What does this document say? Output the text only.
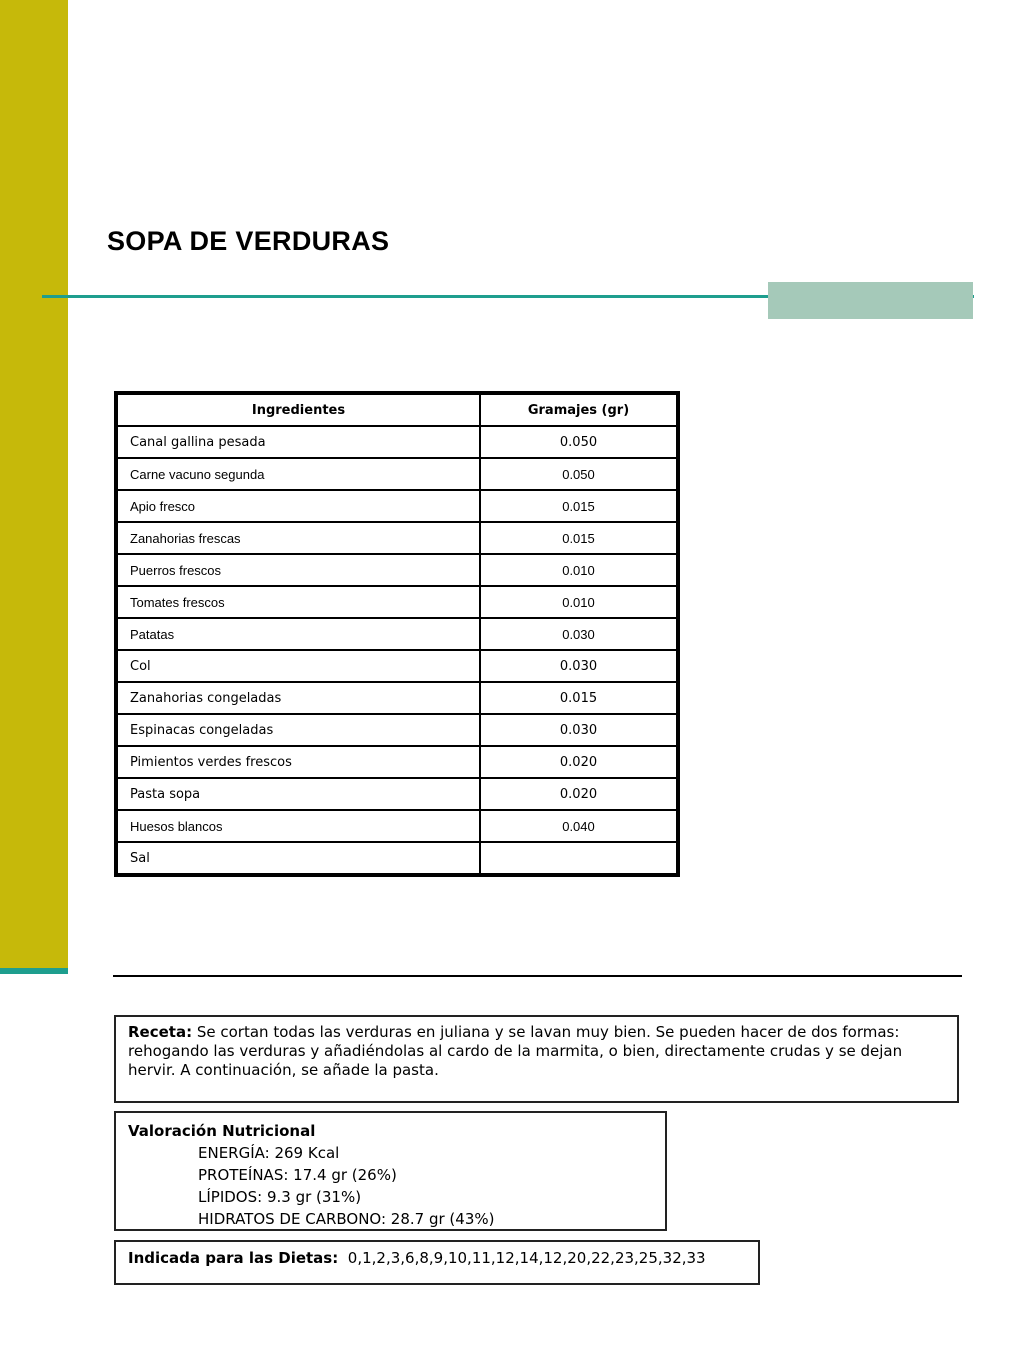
SOPA DE VERDURAS
Ingredientes	Gramajes (gr)
Canal gallina pesada	0.050
Carne vacuno segunda	0.050
Apio fresco	0.015
Zanahorias frescas	0.015
Puerros frescos	0.010
Tomates frescos	0.010
Patatas	0.030
Col	0.030
Zanahorias congeladas	0.015
Espinacas congeladas	0.030
Pimientos verdes frescos	0.020
Pasta sopa	0.020
Huesos blancos	0.040
Sal	
Receta: Se cortan todas las verduras en juliana y se lavan muy bien. Se pueden hacer de dos formas: rehogando las verduras y añadiéndolas al cardo de la marmita, o bien, directamente crudas y se dejan hervir. A continuación, se añade la pasta.
Valoración Nutricional
ENERGÍA: 269 Kcal
PROTEÍNAS: 17.4 gr (26%)
LÍPIDOS: 9.3 gr (31%)
HIDRATOS DE CARBONO: 28.7 gr (43%)
Indicada para las Dietas: 0,1,2,3,6,8,9,10,11,12,14,12,20,22,23,25,32,33
